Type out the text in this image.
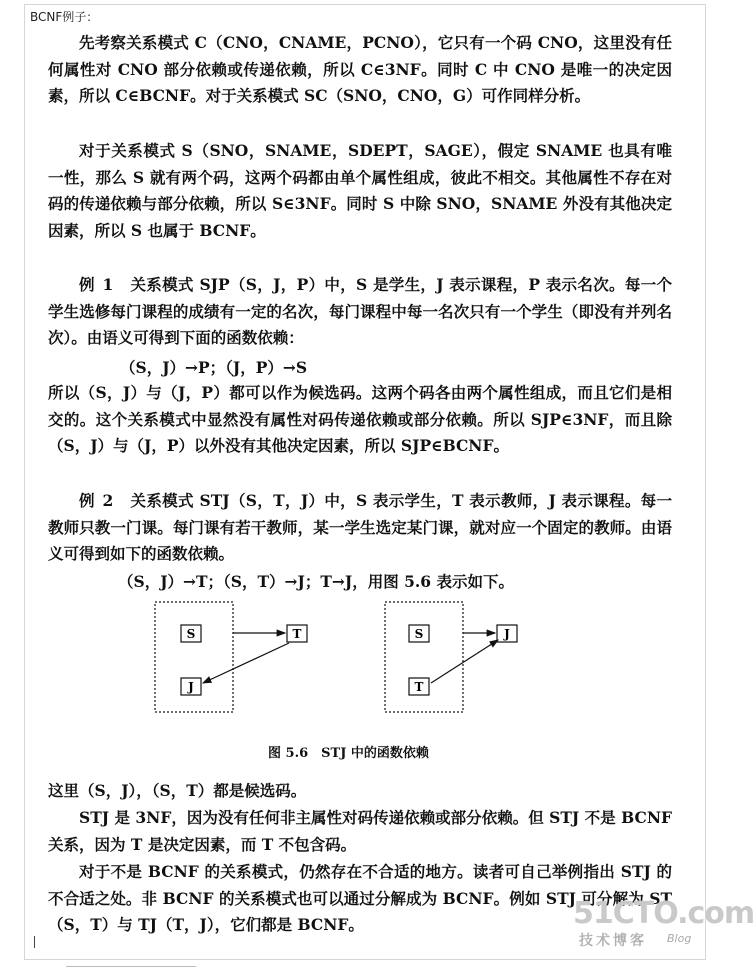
BCNF例子：

先考察关系模式 C（CNO，CNAME，PCNO），它只有一个码 CNO，这里没有任何属性对 CNO 部分依赖或传递依赖，所以 C∈3NF。同时 C 中 CNO 是唯一的决定因素，所以 C∈BCNF。对于关系模式 SC（SNO，CNO，G）可作同样分析。

对于关系模式 S（SNO，SNAME，SDEPT，SAGE），假定 SNAME 也具有唯一性，那么 S 就有两个码，这两个码都由单个属性组成，彼此不相交。其他属性不存在对码的传递依赖与部分依赖，所以 S∈3NF。同时 S 中除 SNO，SNAME 外没有其他决定因素，所以 S 也属于 BCNF。

例 1　 关系模式 SJP（S，J，P）中，S 是学生，J 表示课程，P 表示名次。每一个学生选修每门课程的成绩有一定的名次，每门课程中每一名次只有一个学生（即没有并列名次）。由语义可得到下面的函数依赖：

（S，J）→P；（J，P）→S

所以（S，J）与（J，P）都可以作为候选码。这两个码各由两个属性组成，而且它们是相交的。这个关系模式中显然没有属性对码传递依赖或部分依赖。所以 SJP∈3NF，而且除（S，J）与（J，P）以外没有其他决定因素，所以 SJP∈BCNF。

例 2　 关系模式 STJ（S，T，J）中，S 表示学生，T 表示教师，J 表示课程。每一教师只教一门课。每门课有若干教师，某一学生选定某门课，就对应一个固定的教师。由语义可得到如下的函数依赖。

（S，J）→T；（S，T）→J；T→J，用图 5.6 表示如下。
S
J
T	S
T
J
图 5.6　STJ 中的函数依赖

这里（S，J），（S，T）都是候选码。

STJ 是 3NF，因为没有任何非主属性对码传递依赖或部分依赖。但 STJ 不是 BCNF 关系，因为 T 是决定因素，而 T 不包含码。

对于不是 BCNF 的关系模式，仍然存在不合适的地方。读者可自己举例指出 STJ 的不合适之处。非 BCNF 的关系模式也可以通过分解成为 BCNF。例如 STJ 可分解为 ST（S，T）与 TJ（T，J），它们都是 BCNF。	51CTO.com
技术博客 Blog
